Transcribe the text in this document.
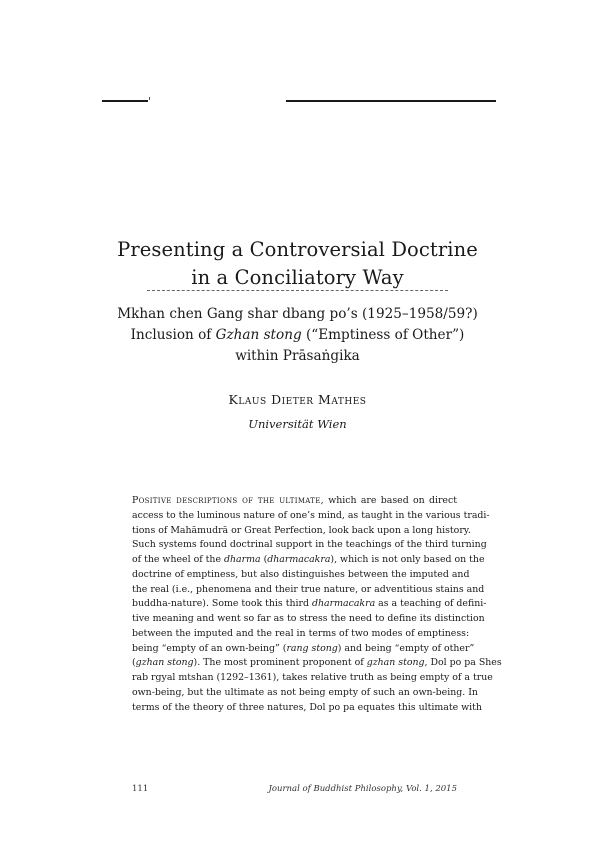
Presenting a Controversial Doctrine
in a Conciliatory Way
Mkhan chen Gang shar dbang po’s (1925–1958/59?)
Inclusion of Gzhan stong (“Emptiness of Other”)
within Prāsaṅgika
Klaus Dieter Mathes
Universität Wien
Positive descriptions of the ultimate, which are based on direct
access to the luminous nature of one’s mind, as taught in the various tradi-
tions of Mahāmudrā or Great Perfection, look back upon a long history.
Such systems found doctrinal support in the teachings of the third turning
of the wheel of the dharma (dharmacakra), which is not only based on the
doctrine of emptiness, but also distinguishes between the imputed and
the real (i.e., phenomena and their true nature, or adventitious stains and
buddha-nature). Some took this third dharmacakra as a teaching of defini-
tive meaning and went so far as to stress the need to define its distinction
between the imputed and the real in terms of two modes of emptiness:
being “empty of an own-being” (rang stong) and being “empty of other”
(gzhan stong). The most prominent proponent of gzhan stong, Dol po pa Shes
rab rgyal mtshan (1292–1361), takes relative truth as being empty of a true
own-being, but the ultimate as not being empty of such an own-being. In
terms of the theory of three natures, Dol po pa equates this ultimate with
111	Journal of Buddhist Philosophy, Vol. 1, 2015
